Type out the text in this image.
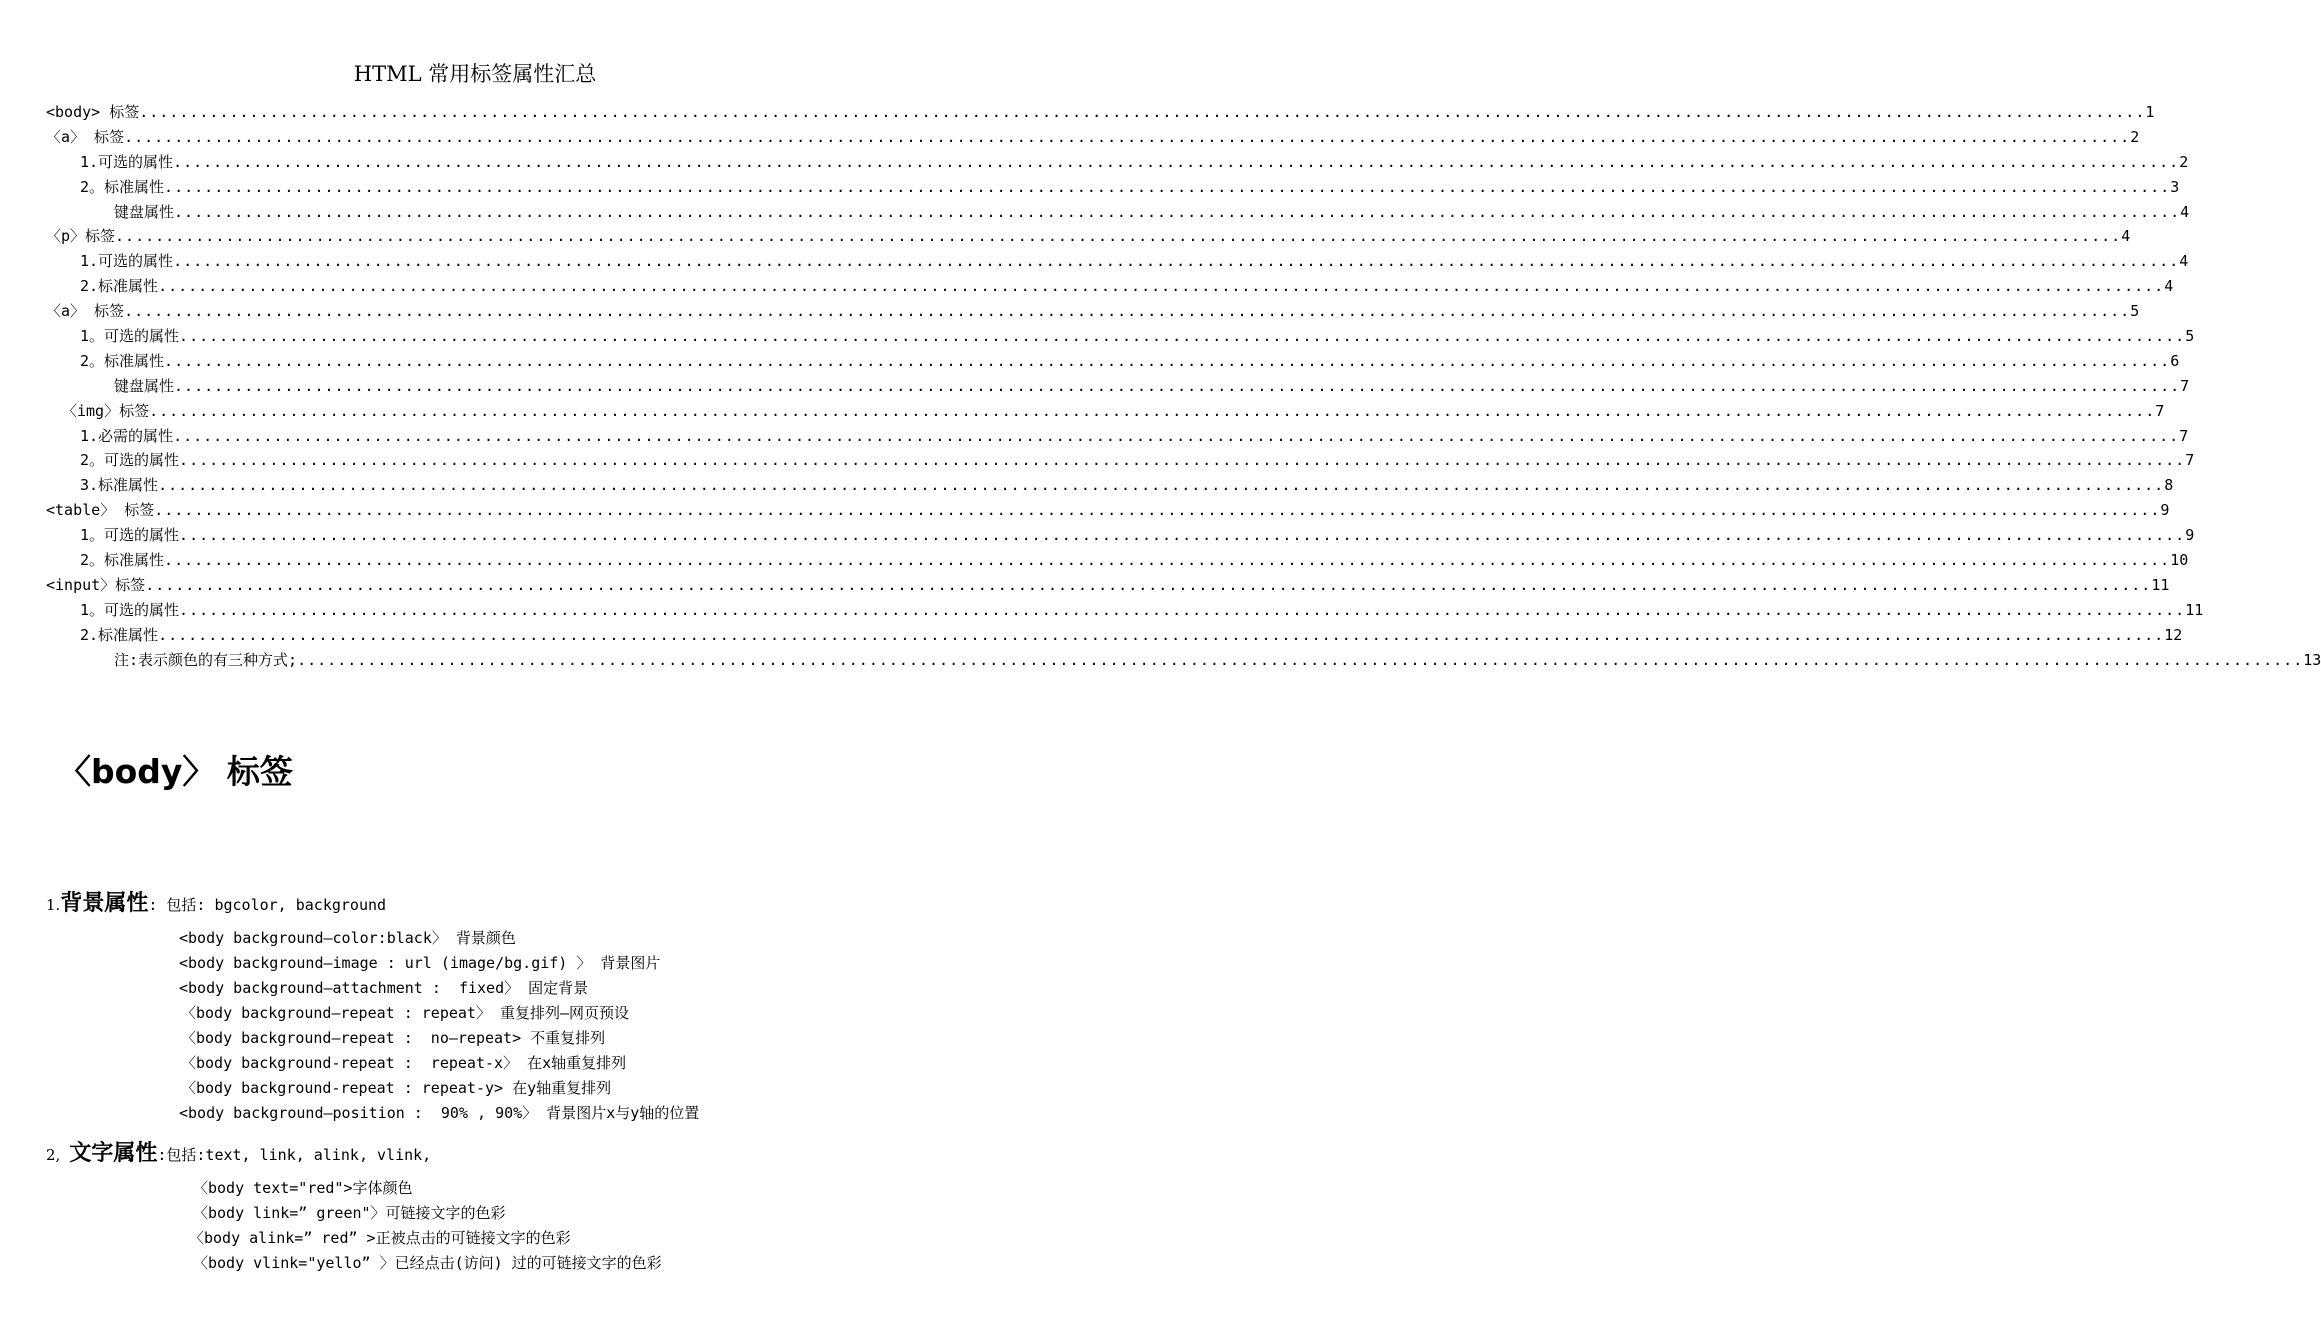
HTML 常用标签属性汇总
<body> 标签 ........................................................................................................................................................................................................ 1
〈a〉 标签 ........................................................................................................................................................................................................ 2
1.可选的属性 ........................................................................................................................................................................................................ 2
2。标准属性 ........................................................................................................................................................................................................ 3
键盘属性 ........................................................................................................................................................................................................ 4
〈p〉标签 ........................................................................................................................................................................................................ 4
1.可选的属性 ........................................................................................................................................................................................................ 4
2.标准属性 ........................................................................................................................................................................................................ 4
〈a〉 标签 ........................................................................................................................................................................................................ 5
1。可选的属性 ........................................................................................................................................................................................................ 5
2。标准属性 ........................................................................................................................................................................................................ 6
键盘属性 ........................................................................................................................................................................................................ 7
〈img〉标签 ........................................................................................................................................................................................................ 7
1.必需的属性 ........................................................................................................................................................................................................ 7
2。可选的属性 ........................................................................................................................................................................................................ 7
3.标准属性 ........................................................................................................................................................................................................ 8
<table〉 标签 ........................................................................................................................................................................................................ 9
1。可选的属性 ........................................................................................................................................................................................................ 9
2。标准属性 ........................................................................................................................................................................................................ 10
<input〉标签 ........................................................................................................................................................................................................ 11
1。可选的属性 ........................................................................................................................................................................................................ 11
2.标准属性 ........................................................................................................................................................................................................ 12
注:表示颜色的有三种方式; ........................................................................................................................................................................................................ 13
〈body〉 标签
1.背景属性: 包括: bgcolor, background
<body background—color:black〉 背景颜色
<body background—image : url (image/bg.gif) 〉 背景图片
<body background—attachment :  fixed〉 固定背景
〈body background—repeat : repeat〉 重复排列—网页预设
〈body background—repeat :  no—repeat> 不重复排列
〈body background-repeat :  repeat-x〉 在x轴重复排列
〈body background-repeat : repeat-y> 在y轴重复排列
<body background—position :  90% , 90%〉 背景图片x与y轴的位置
2, 文字属性:包括:text, link, alink, vlink,
〈body text="red">字体颜色
〈body link=” green"〉可链接文字的色彩
〈body alink=” red” >正被点击的可链接文字的色彩
〈body vlink="yello” 〉已经点击(访问) 过的可链接文字的色彩
